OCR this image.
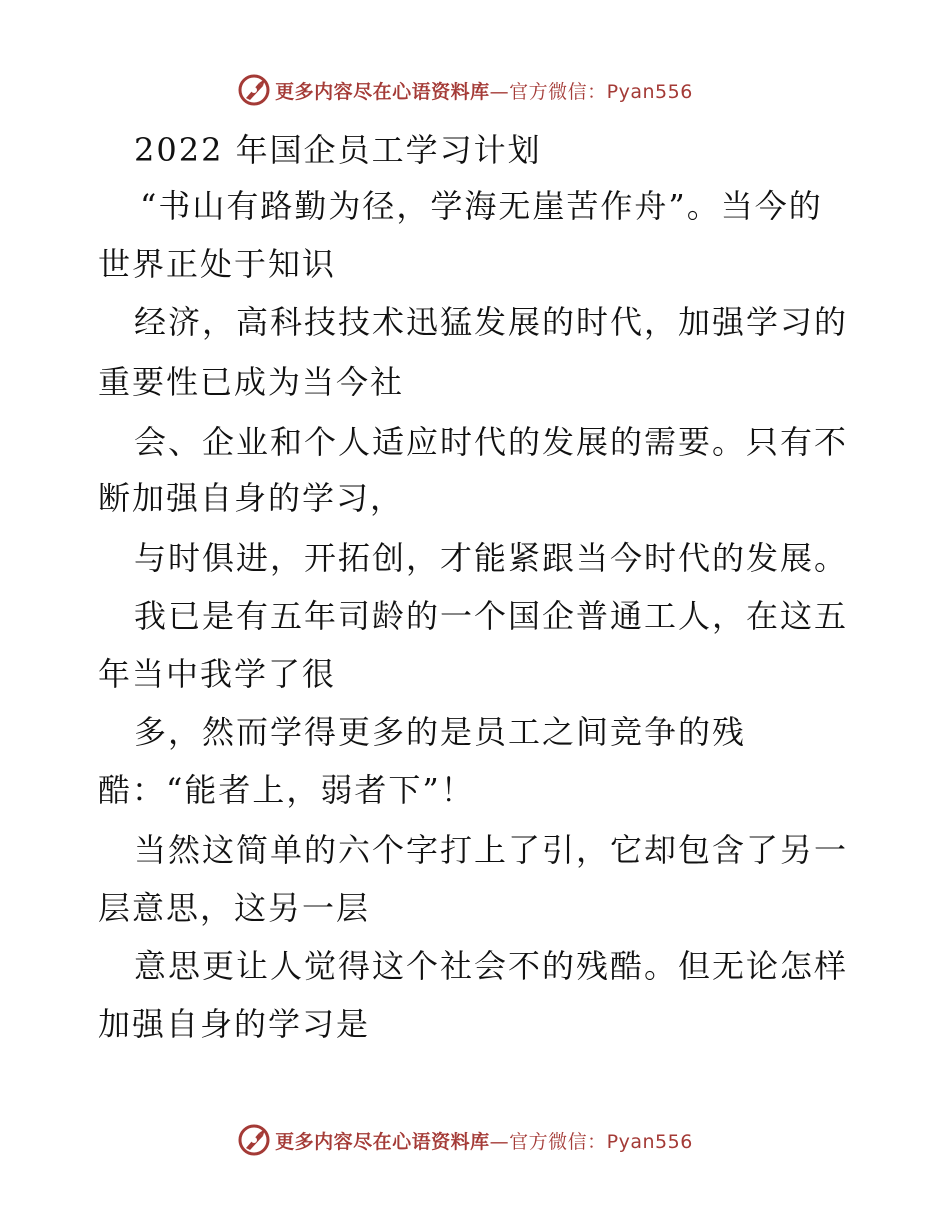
更多内容尽在心语资料库—官方微信：Pyan556
2022 年国企员工学习计划
“书山有路勤为径，学海无崖苦作舟”。当今的
世界正处于知识
经济，高科技技术迅猛发展的时代，加强学习的
重要性已成为当今社
会、企业和个人适应时代的发展的需要。只有不
断加强自身的学习，
与时俱进，开拓创，才能紧跟当今时代的发展。
我已是有五年司龄的一个国企普通工人，在这五
年当中我学了很
多，然而学得更多的是员工之间竞争的残
酷：“能者上，弱者下”！
当然这简单的六个字打上了引，它却包含了另一
层意思，这另一层
意思更让人觉得这个社会不的残酷。但无论怎样
加强自身的学习是
更多内容尽在心语资料库—官方微信：Pyan556
